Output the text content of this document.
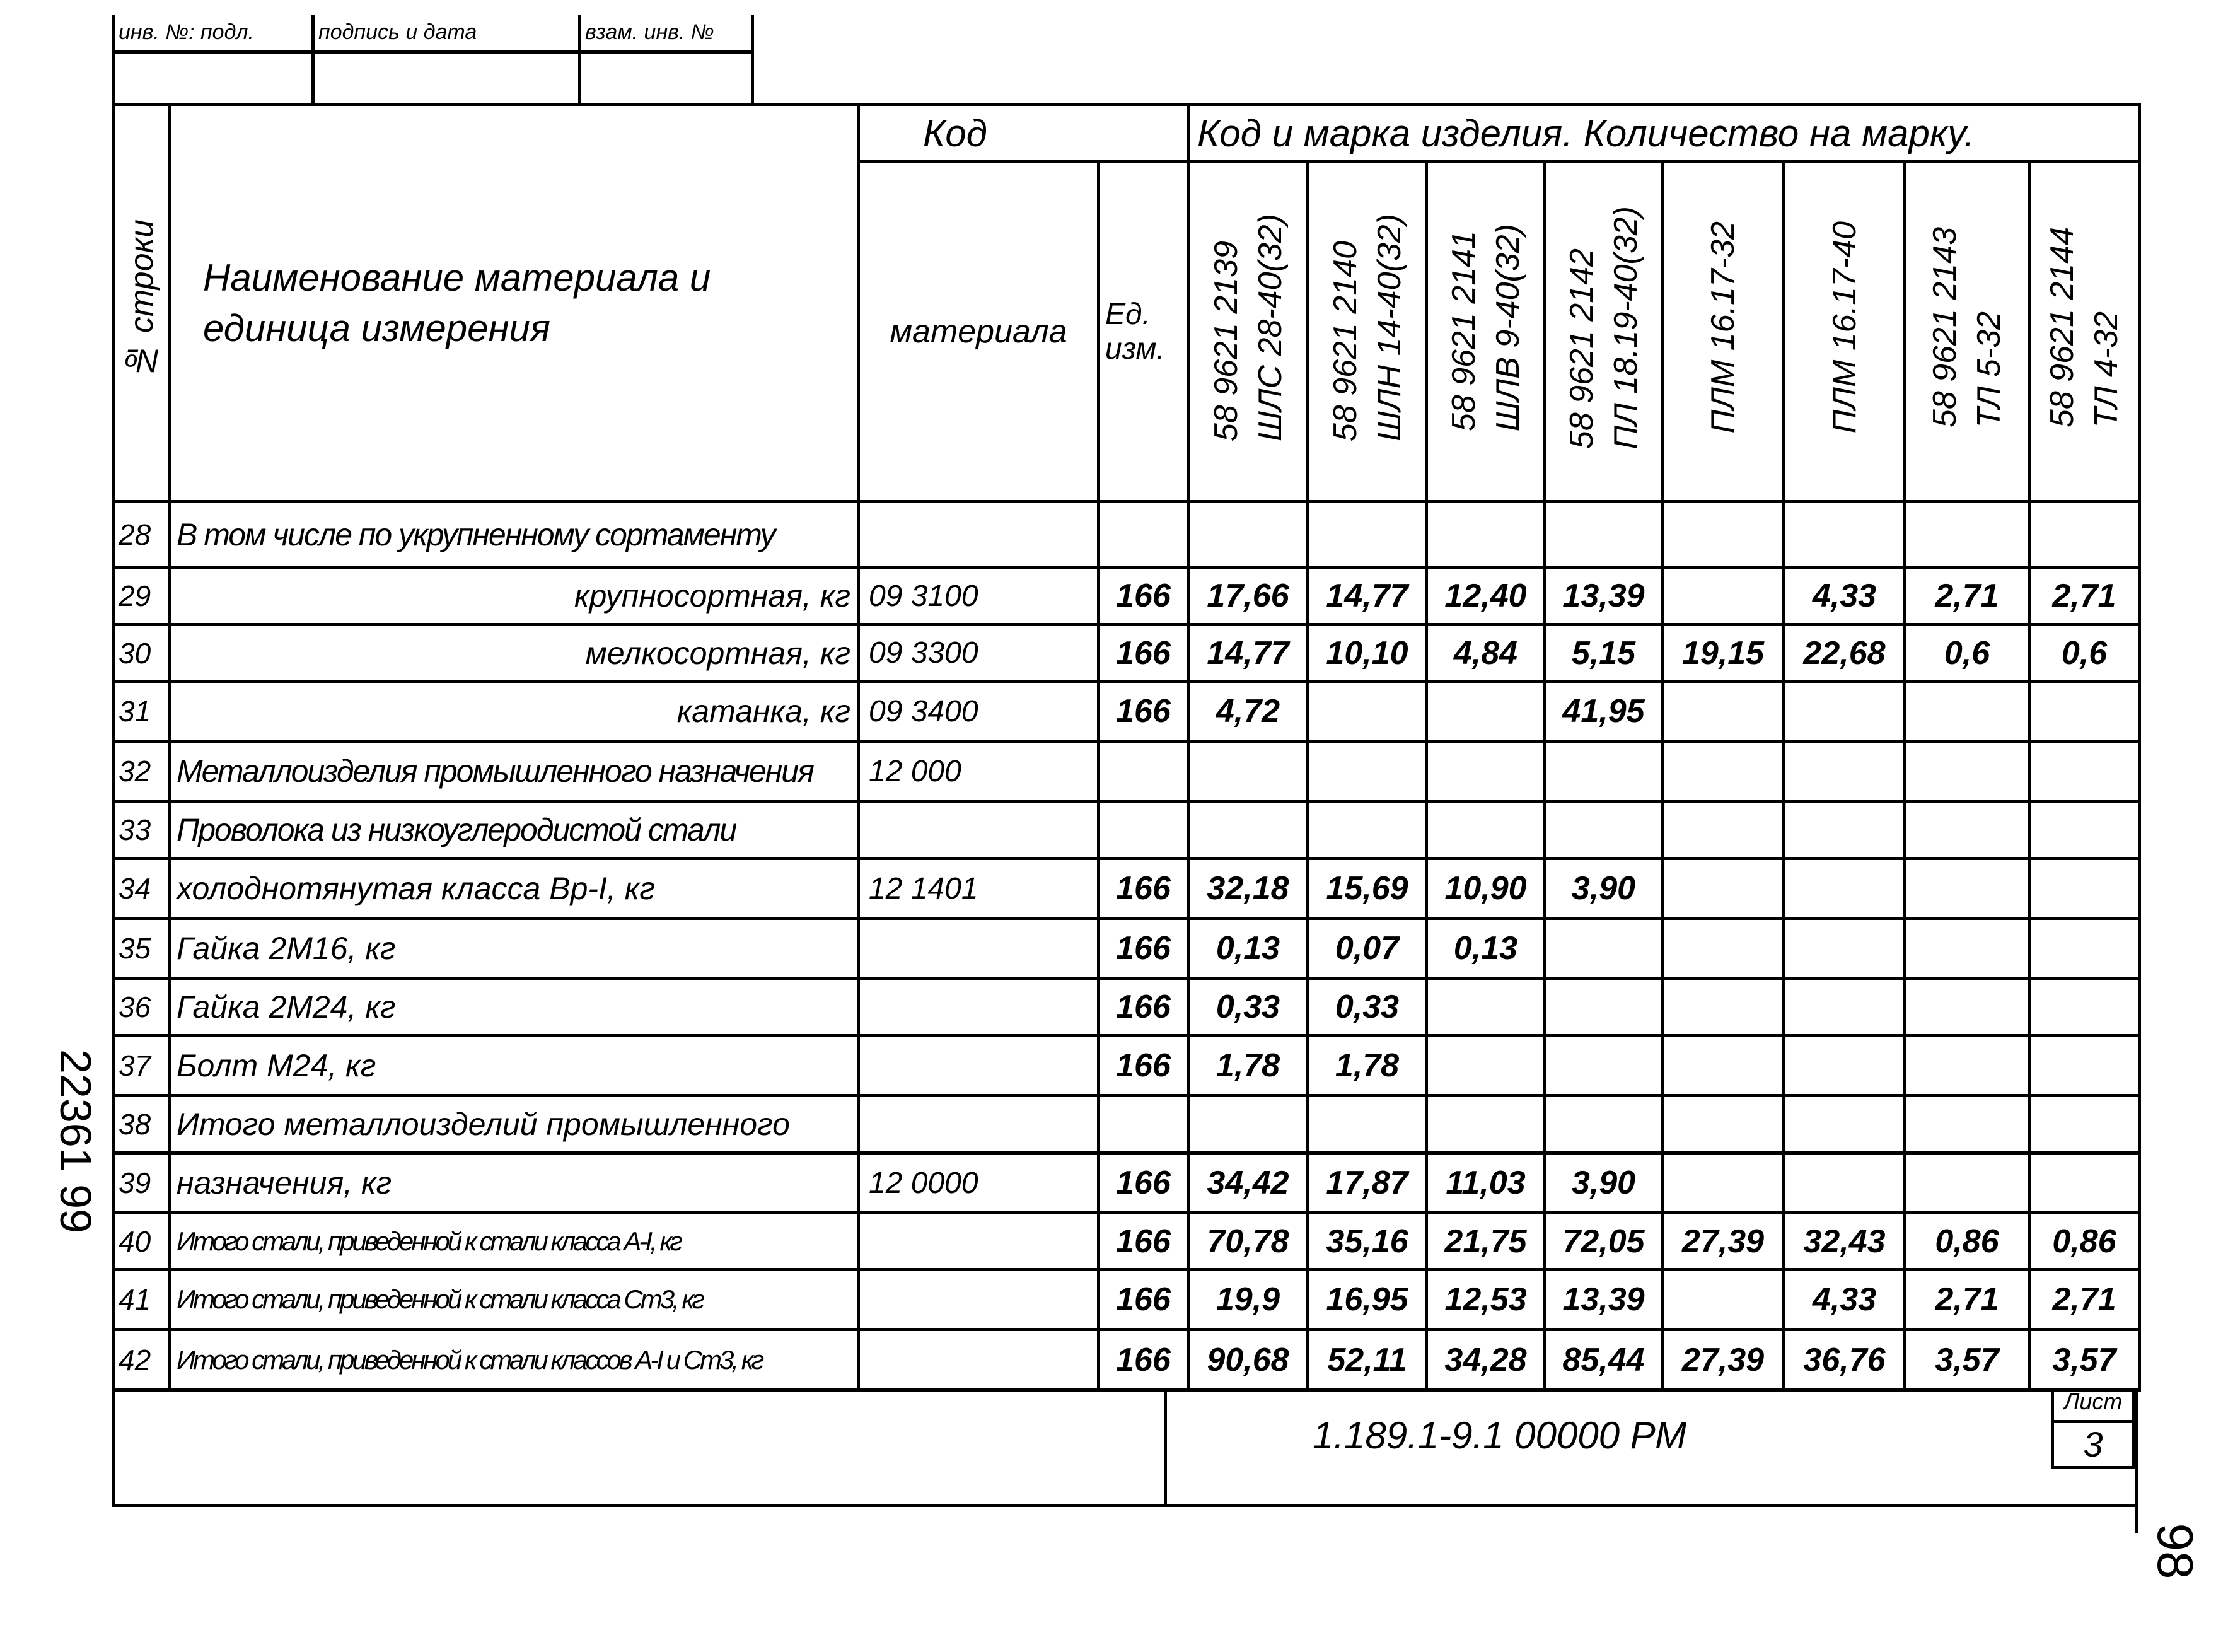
инв. №: подл.	подпись и дата	взам. инв. №
№ строки	Наименование материала и единица измерения	Код		Код и марка изделия. Количество на марку.							
		материала	Ед. изм.	58 9621 2139 ШЛС 28-40(32)	58 9621 2140 ШЛН 14-40(32)	58 9621 2141 ШЛВ 9-40(32)	58 9621 2142 ПЛ 18.19-40(32)	ПЛМ 16.17-32	ПЛМ 16.17-40	58 9621 2143 ТЛ 5-32	58 9621 2144 ТЛ 4-32
28	В том числе по укрупненному сортаменту										
29	крупносортная, кг	09 3100	166	17,66	14,77	12,40	13,39		4,33	2,71	2,71
30	мелкосортная, кг	09 3300	166	14,77	10,10	4,84	5,15	19,15	22,68	0,6	0,6
31	катанка, кг	09 3400	166	4,72			41,95				
32	Металлоизделия промышленного назначения	12 000									
33	Проволока из низкоуглеродистой стали										
34	холоднотянутая класса Вр-I, кг	12 1401	166	32,18	15,69	10,90	3,90				
35	Гайка 2М16, кг		166	0,13	0,07	0,13					
36	Гайка 2М24, кг		166	0,33	0,33						
37	Болт М24, кг		166	1,78	1,78						
38	Итого металлоизделий промышленного										
39	назначения, кг	12 0000	166	34,42	17,87	11,03	3,90				
40	Итого стали, приведенной к стали класса А-I, кг		166	70,78	35,16	21,75	72,05	27,39	32,43	0,86	0,86
41	Итого стали, приведенной к стали класса Ст3, кг		166	19,9	16,95	12,53	13,39		4,33	2,71	2,71
42	Итого стали, приведенной к стали классов А-I и Ст3, кг		166	90,68	52,11	34,28	85,44	27,39	36,76	3,57	3,57
1.189.1-9.1 00000 РМ
Лист
3
22361 99
98
